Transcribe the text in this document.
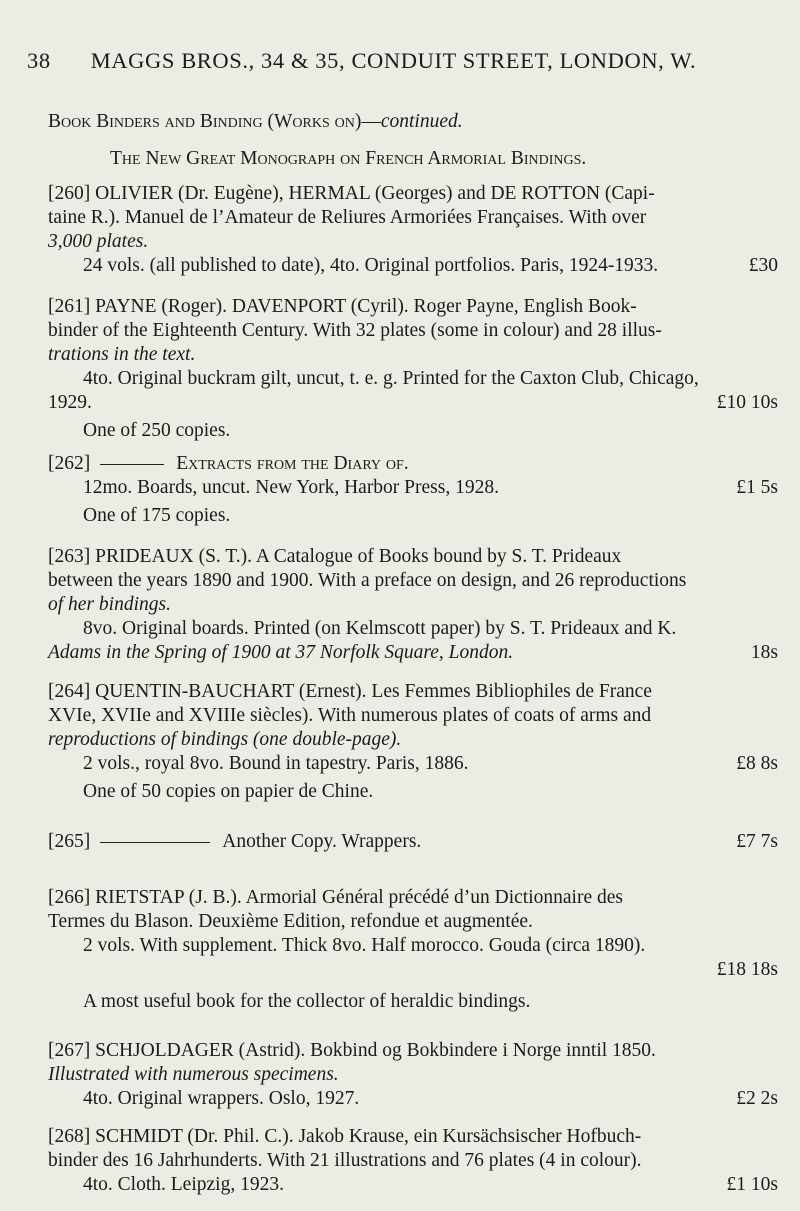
38 MAGGS BROS., 34 & 35, CONDUIT STREET, LONDON, W.
Book Binders and Binding (Works on)—continued.
The New Great Monograph on French Armorial Bindings.
[260] OLIVIER (Dr. Eugène), HERMAL (Georges) and DE ROTTON (Capi-
taine R.). Manuel de l’Amateur de Reliures Armoriées Françaises. With over
3,000 plates.
24 vols. (all published to date), 4to. Original portfolios. Paris, 1924-1933.	£30
[261] PAYNE (Roger). DAVENPORT (Cyril). Roger Payne, English Book-
binder of the Eighteenth Century. With 32 plates (some in colour) and 28 illus-
trations in the text.
4to. Original buckram gilt, uncut, t. e. g. Printed for the Caxton Club, Chicago,
1929.	£10 10s
One of 250 copies.
[262]	Extracts from the Diary of.
12mo. Boards, uncut. New York, Harbor Press, 1928.	£1 5s
One of 175 copies.
[263] PRIDEAUX (S. T.). A Catalogue of Books bound by S. T. Prideaux
between the years 1890 and 1900. With a preface on design, and 26 reproductions
of her bindings.
8vo. Original boards. Printed (on Kelmscott paper) by S. T. Prideaux and K.
Adams in the Spring of 1900 at 37 Norfolk Square, London.	18s
[264] QUENTIN-BAUCHART (Ernest). Les Femmes Bibliophiles de France
XVIe, XVIIe and XVIIIe siècles). With numerous plates of coats of arms and
reproductions of bindings (one double-page).
2 vols., royal 8vo. Bound in tapestry. Paris, 1886.	£8 8s
One of 50 copies on papier de Chine.
[265]	Another Copy. Wrappers.	£7 7s
[266] RIETSTAP (J. B.). Armorial Général précédé d’un Dictionnaire des
Termes du Blason. Deuxième Edition, refondue et augmentée.
2 vols. With supplement. Thick 8vo. Half morocco. Gouda (circa 1890).
£18 18s
A most useful book for the collector of heraldic bindings.
[267] SCHJOLDAGER (Astrid). Bokbind og Bokbindere i Norge inntil 1850.
Illustrated with numerous specimens.
4to. Original wrappers. Oslo, 1927.	£2 2s
[268] SCHMIDT (Dr. Phil. C.). Jakob Krause, ein Kursächsischer Hofbuch-
binder des 16 Jahrhunderts. With 21 illustrations and 76 plates (4 in colour).
4to. Cloth. Leipzig, 1923.	£1 10s
